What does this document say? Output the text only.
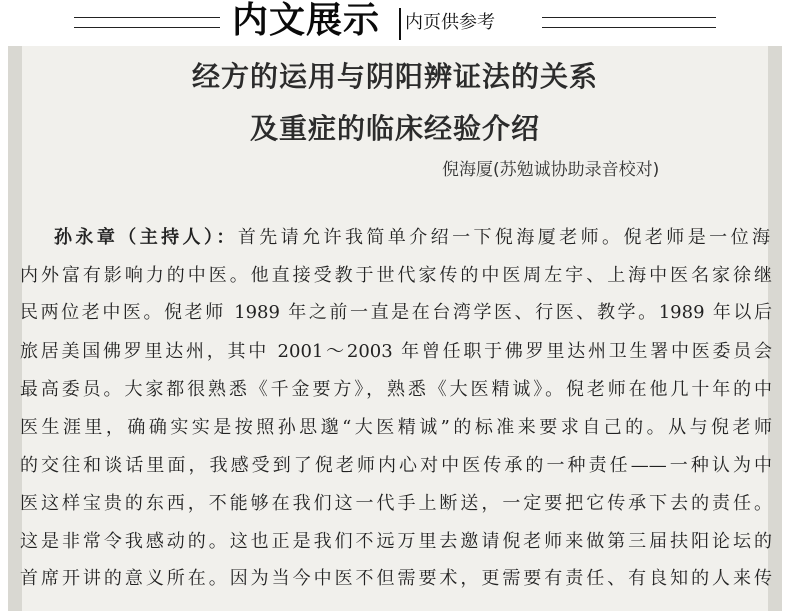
内文展示 内页供参考
经方的运用与阴阳辨证法的关系
及重症的临床经验介绍
倪海厦(苏勉诚协助录音校对)
孙永章（主持人）：首先请允许我简单介绍一下倪海厦老师。倪老师是一位海
内外富有影响力的中医。他直接受教于世代家传的中医周左宇、上海中医名家徐继
民两位老中医。倪老师 1989 年之前一直是在台湾学医、行医、教学。1989 年以后
旅居美国佛罗里达州，其中 2001～2003 年曾任职于佛罗里达州卫生署中医委员会
最高委员。大家都很熟悉《千金要方》，熟悉《大医精诚》。倪老师在他几十年的中
医生涯里，确确实实是按照孙思邈“大医精诚”的标准来要求自己的。从与倪老师
的交往和谈话里面，我感受到了倪老师内心对中医传承的一种责任——一种认为中
医这样宝贵的东西，不能够在我们这一代手上断送，一定要把它传承下去的责任。
这是非常令我感动的。这也正是我们不远万里去邀请倪老师来做第三届扶阳论坛的
首席开讲的意义所在。因为当今中医不但需要术，更需要有责任、有良知的人来传
